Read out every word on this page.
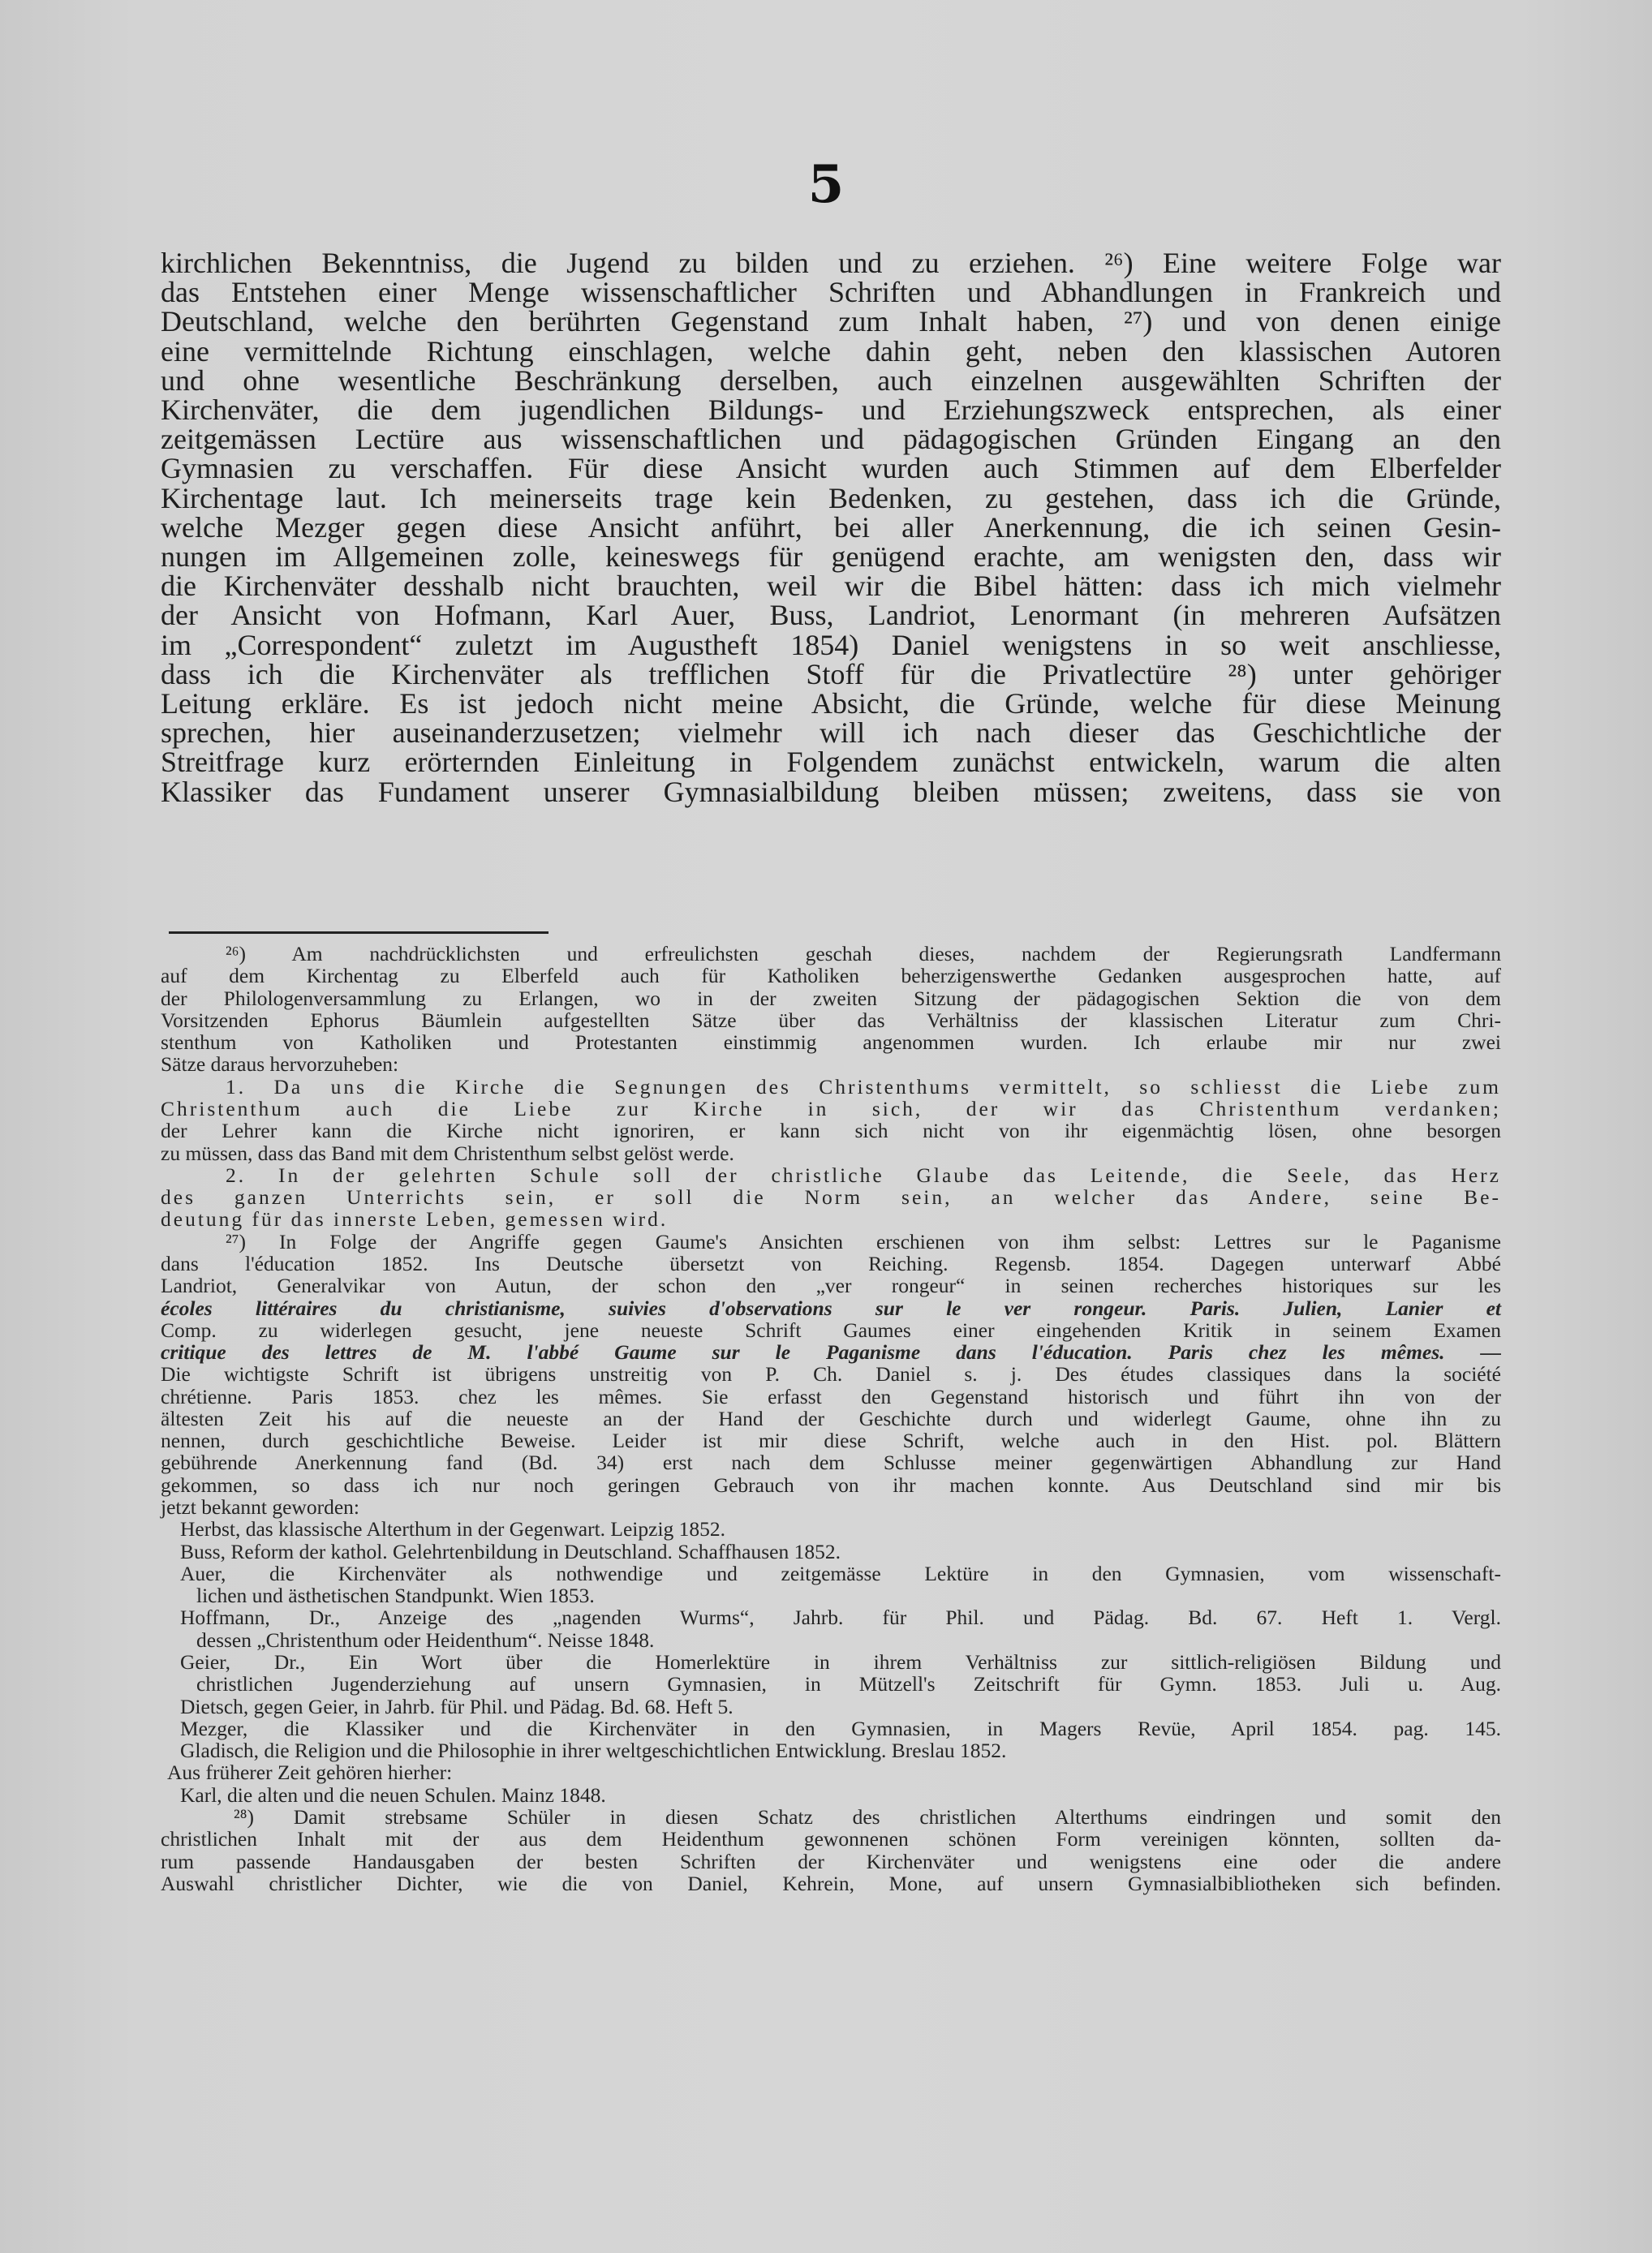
5
kirchlichen Bekenntniss, die Jugend zu bilden und zu erziehen. ²⁶) Eine weitere Folge war
das Entstehen einer Menge wissenschaftlicher Schriften und Abhandlungen in Frankreich und
Deutschland, welche den berührten Gegenstand zum Inhalt haben, ²⁷) und von denen einige
eine vermittelnde Richtung einschlagen, welche dahin geht, neben den klassischen Autoren
und ohne wesentliche Beschränkung derselben, auch einzelnen ausgewählten Schriften der
Kirchenväter, die dem jugendlichen Bildungs- und Erziehungszweck entsprechen, als einer
zeitgemässen Lectüre aus wissenschaftlichen und pädagogischen Gründen Eingang an den
Gymnasien zu verschaffen. Für diese Ansicht wurden auch Stimmen auf dem Elberfelder
Kirchentage laut. Ich meinerseits trage kein Bedenken, zu gestehen, dass ich die Gründe,
welche Mezger gegen diese Ansicht anführt, bei aller Anerkennung, die ich seinen Gesin-
nungen im Allgemeinen zolle, keineswegs für genügend erachte, am wenigsten den, dass wir
die Kirchenväter desshalb nicht brauchten, weil wir die Bibel hätten: dass ich mich vielmehr
der Ansicht von Hofmann, Karl Auer, Buss, Landriot, Lenormant (in mehreren Aufsätzen
im „Correspondent“ zuletzt im Augustheft 1854) Daniel wenigstens in so weit anschliesse,
dass ich die Kirchenväter als trefflichen Stoff für die Privatlectüre ²⁸) unter gehöriger
Leitung erkläre. Es ist jedoch nicht meine Absicht, die Gründe, welche für diese Meinung
sprechen, hier auseinanderzusetzen; vielmehr will ich nach dieser das Geschichtliche der
Streitfrage kurz erörternden Einleitung in Folgendem zunächst entwickeln, warum die alten
Klassiker das Fundament unserer Gymnasialbildung bleiben müssen; zweitens, dass sie von
²⁶) Am nachdrücklichsten und erfreulichsten geschah dieses, nachdem der Regierungsrath Landfermann
auf dem Kirchentag zu Elberfeld auch für Katholiken beherzigenswerthe Gedanken ausgesprochen hatte, auf
der Philologenversammlung zu Erlangen, wo in der zweiten Sitzung der pädagogischen Sektion die von dem
Vorsitzenden Ephorus Bäumlein aufgestellten Sätze über das Verhältniss der klassischen Literatur zum Chri-
stenthum von Katholiken und Protestanten einstimmig angenommen wurden. Ich erlaube mir nur zwei
Sätze daraus hervorzuheben:
1. Da uns die Kirche die Segnungen des Christenthums vermittelt, so schliesst die Liebe zum
Christenthum auch die Liebe zur Kirche in sich, der wir das Christenthum verdanken;
der Lehrer kann die Kirche nicht ignoriren, er kann sich nicht von ihr eigenmächtig lösen, ohne besorgen
zu müssen, dass das Band mit dem Christenthum selbst gelöst werde.
2. In der gelehrten Schule soll der christliche Glaube das Leitende, die Seele, das Herz
des ganzen Unterrichts sein, er soll die Norm sein, an welcher das Andere, seine Be-
deutung für das innerste Leben, gemessen wird.
²⁷) In Folge der Angriffe gegen Gaume's Ansichten erschienen von ihm selbst: Lettres sur le Paganisme
dans l'éducation 1852. Ins Deutsche übersetzt von Reiching. Regensb. 1854. Dagegen unterwarf Abbé
Landriot, Generalvikar von Autun, der schon den „ver rongeur“ in seinen recherches historiques sur les
écoles littéraires du christianisme, suivies d'observations sur le ver rongeur. Paris. Julien, Lanier et
Comp. zu widerlegen gesucht, jene neueste Schrift Gaumes einer eingehenden Kritik in seinem Examen
critique des lettres de M. l'abbé Gaume sur le Paganisme dans l'éducation. Paris chez les mêmes. —
Die wichtigste Schrift ist übrigens unstreitig von P. Ch. Daniel s. j. Des études classiques dans la société
chrétienne. Paris 1853. chez les mêmes. Sie erfasst den Gegenstand historisch und führt ihn von der
ältesten Zeit his auf die neueste an der Hand der Geschichte durch und widerlegt Gaume, ohne ihn zu
nennen, durch geschichtliche Beweise. Leider ist mir diese Schrift, welche auch in den Hist. pol. Blättern
gebührende Anerkennung fand (Bd. 34) erst nach dem Schlusse meiner gegenwärtigen Abhandlung zur Hand
gekommen, so dass ich nur noch geringen Gebrauch von ihr machen konnte. Aus Deutschland sind mir bis
jetzt bekannt geworden:
Herbst, das klassische Alterthum in der Gegenwart. Leipzig 1852.
Buss, Reform der kathol. Gelehrtenbildung in Deutschland. Schaffhausen 1852.
Auer, die Kirchenväter als nothwendige und zeitgemässe Lektüre in den Gymnasien, vom wissenschaft-
lichen und ästhetischen Standpunkt. Wien 1853.
Hoffmann, Dr., Anzeige des „nagenden Wurms“, Jahrb. für Phil. und Pädag. Bd. 67. Heft 1. Vergl.
dessen „Christenthum oder Heidenthum“. Neisse 1848.
Geier, Dr., Ein Wort über die Homerlektüre in ihrem Verhältniss zur sittlich-religiösen Bildung und
christlichen Jugenderziehung auf unsern Gymnasien, in Mützell's Zeitschrift für Gymn. 1853. Juli u. Aug.
Dietsch, gegen Geier, in Jahrb. für Phil. und Pädag. Bd. 68. Heft 5.
Mezger, die Klassiker und die Kirchenväter in den Gymnasien, in Magers Revüe, April 1854. pag. 145.
Gladisch, die Religion und die Philosophie in ihrer weltgeschichtlichen Entwicklung. Breslau 1852.
Aus früherer Zeit gehören hierher:
Karl, die alten und die neuen Schulen. Mainz 1848.
²⁸) Damit strebsame Schüler in diesen Schatz des christlichen Alterthums eindringen und somit den
christlichen Inhalt mit der aus dem Heidenthum gewonnenen schönen Form vereinigen könnten, sollten da-
rum passende Handausgaben der besten Schriften der Kirchenväter und wenigstens eine oder die andere
Auswahl christlicher Dichter, wie die von Daniel, Kehrein, Mone, auf unsern Gymnasialbibliotheken sich befinden.
